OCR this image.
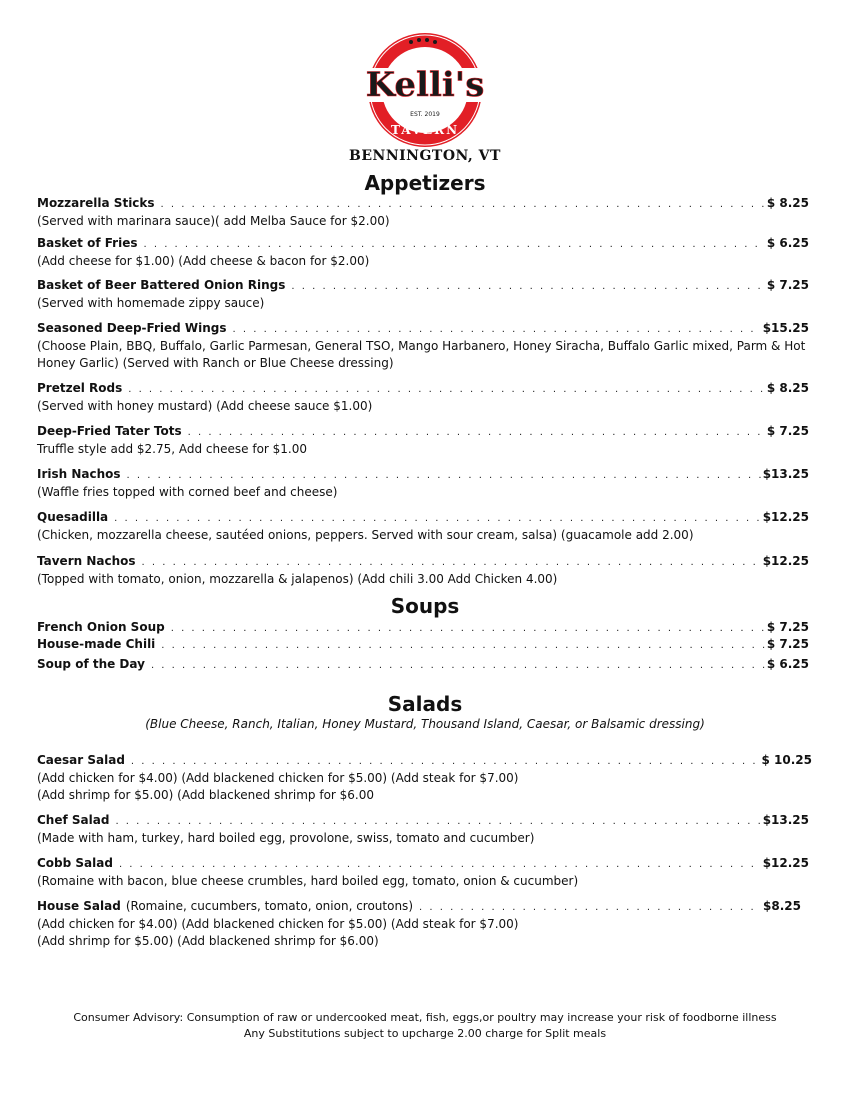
Kelli's
EST. 2019
TAVERN
BENNINGTON, VT
Appetizers
Mozzarella Sticks . . .	$ 8.25
(Served with marinara sauce)( add Melba Sauce for $2.00)
Basket of Fries . . .	$ 6.25
(Add cheese for $1.00) (Add cheese & bacon for $2.00)
Basket of Beer Battered Onion Rings . . .	$ 7.25
(Served with homemade zippy sauce)
Seasoned Deep-Fried Wings . . .	$15.25
(Choose Plain, BBQ, Buffalo, Garlic Parmesan, General TSO, Mango Harbanero, Honey Siracha, Buffalo Garlic mixed, Parm & Hot Honey Garlic) (Served with Ranch or Blue Cheese dressing)
Pretzel Rods . . .	$ 8.25
(Served with honey mustard) (Add cheese sauce $1.00)
Deep-Fried Tater Tots . . .	$ 7.25
Truffle style add $2.75, Add cheese for $1.00
Irish Nachos . . .	$13.25
(Waffle fries topped with corned beef and cheese)
Quesadilla . . .	$12.25
(Chicken, mozzarella cheese, sautéed onions, peppers. Served with sour cream, salsa) (guacamole add 2.00)
Tavern Nachos . . .	$12.25
(Topped with tomato, onion, mozzarella & jalapenos) (Add chili 3.00 Add Chicken 4.00)
Soups
French Onion Soup . . .	$ 7.25
House-made Chili . . .	$ 7.25
Soup of the Day . . .	$ 6.25
Salads
(Blue Cheese, Ranch, Italian, Honey Mustard, Thousand Island, Caesar, or Balsamic dressing)
Caesar Salad . . .	$ 10.25
(Add chicken for $4.00) (Add blackened chicken for $5.00) (Add steak for $7.00)
(Add shrimp for $5.00) (Add blackened shrimp for $6.00
Chef Salad . . .	$13.25
(Made with ham, turkey, hard boiled egg, provolone, swiss, tomato and cucumber)
Cobb Salad . . .	$12.25
(Romaine with bacon, blue cheese crumbles, hard boiled egg, tomato, onion & cucumber)
House Salad (Romaine, cucumbers, tomato, onion, croutons) . . .	$8.25
(Add chicken for $4.00) (Add blackened chicken for $5.00) (Add steak for $7.00)
(Add shrimp for $5.00) (Add blackened shrimp for $6.00)
Consumer Advisory: Consumption of raw or undercooked meat, fish, eggs,or poultry may increase your risk of foodborne illness
Any Substitutions subject to upcharge 2.00 charge for Split meals
